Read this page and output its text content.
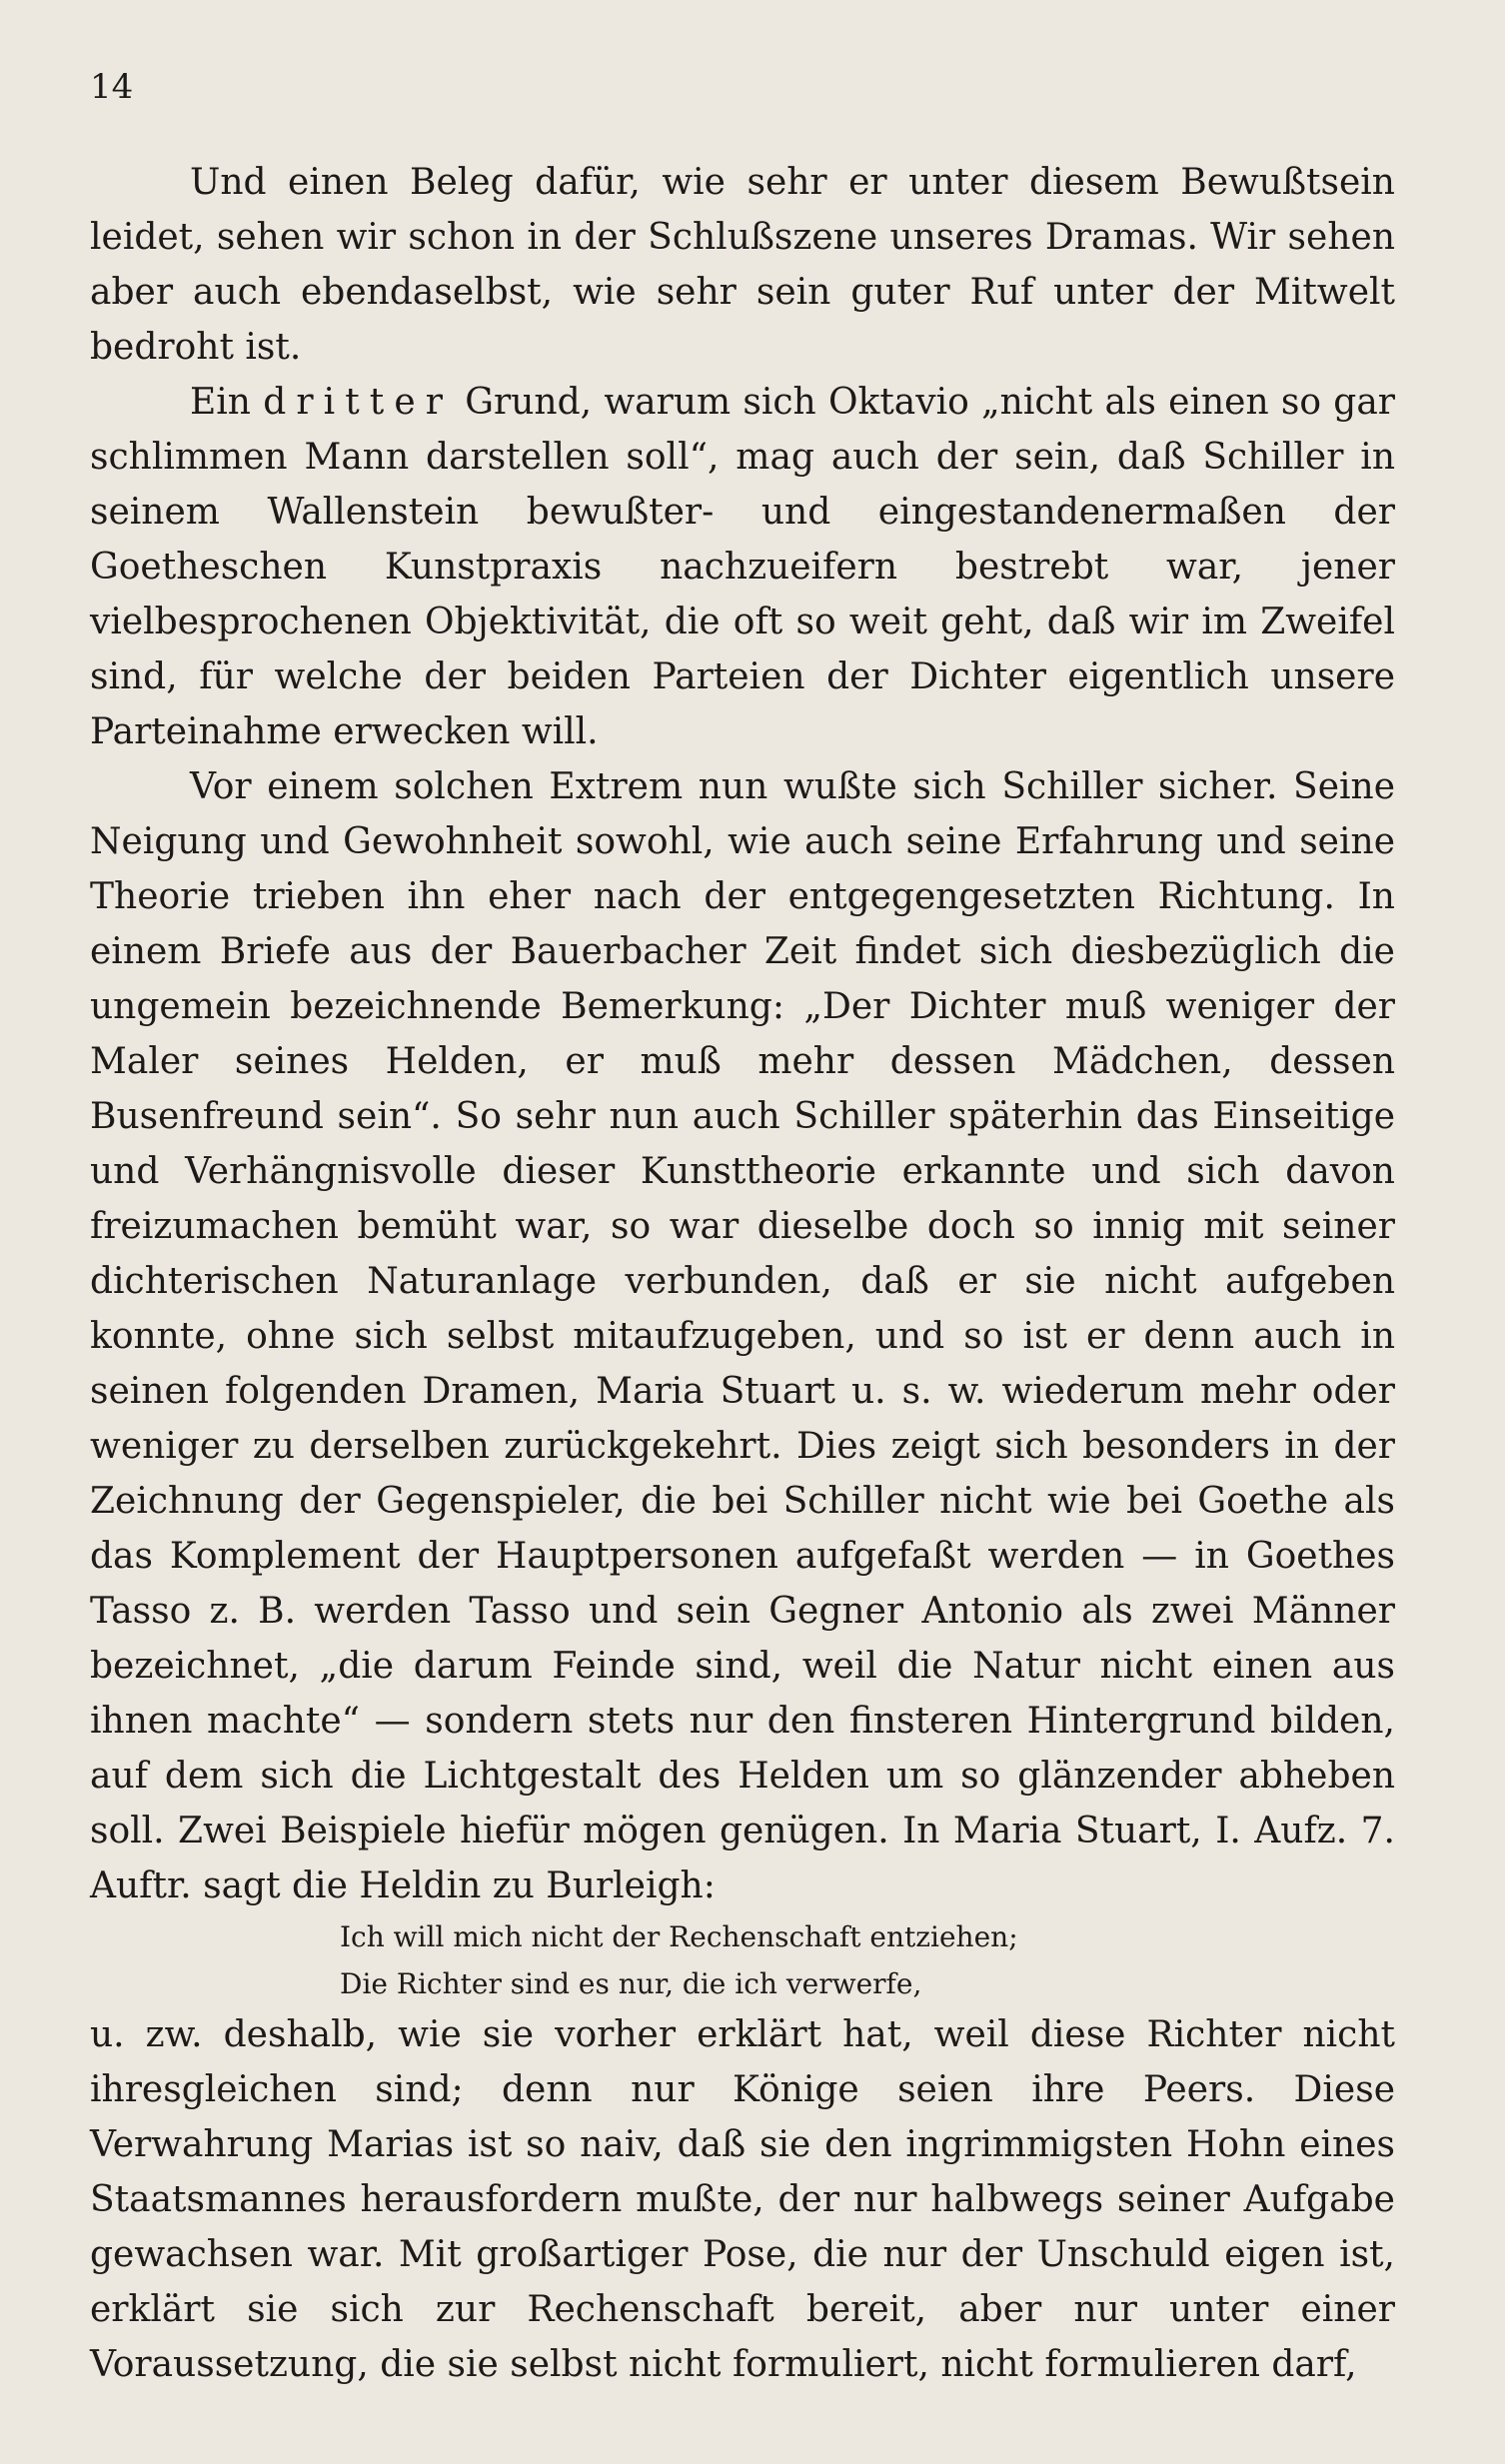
14

Und einen Beleg dafür, wie sehr er unter diesem Bewußtsein leidet, sehen wir schon in der Schlußszene unseres Dramas. Wir sehen aber auch ebendaselbst, wie sehr sein guter Ruf unter der Mitwelt bedroht ist.

Ein dritter Grund, warum sich Oktavio „nicht als einen so gar schlimmen Mann darstellen soll“, mag auch der sein, daß Schiller in seinem Wallenstein bewußter- und eingestandenermaßen der Goetheschen Kunstpraxis nachzueifern bestrebt war, jener vielbesprochenen Objektivität, die oft so weit geht, daß wir im Zweifel sind, für welche der beiden Parteien der Dichter eigentlich unsere Parteinahme erwecken will.

Vor einem solchen Extrem nun wußte sich Schiller sicher. Seine Neigung und Gewohnheit sowohl, wie auch seine Erfahrung und seine Theorie trieben ihn eher nach der entgegengesetzten Richtung. In einem Briefe aus der Bauerbacher Zeit findet sich diesbezüglich die ungemein bezeichnende Bemerkung: „Der Dichter muß weniger der Maler seines Helden, er muß mehr dessen Mädchen, dessen Busenfreund sein“. So sehr nun auch Schiller späterhin das Einseitige und Verhängnisvolle dieser Kunsttheorie erkannte und sich davon freizumachen bemüht war, so war dieselbe doch so innig mit seiner dichterischen Naturanlage verbunden, daß er sie nicht aufgeben konnte, ohne sich selbst mitaufzugeben, und so ist er denn auch in seinen folgenden Dramen, Maria Stuart u. s. w. wiederum mehr oder weniger zu derselben zurückgekehrt. Dies zeigt sich besonders in der Zeichnung der Gegenspieler, die bei Schiller nicht wie bei Goethe als das Komplement der Hauptpersonen aufgefaßt werden — in Goethes Tasso z. B. werden Tasso und sein Gegner Antonio als zwei Männer bezeichnet, „die darum Feinde sind, weil die Natur nicht einen aus ihnen machte“ — sondern stets nur den finsteren Hintergrund bilden, auf dem sich die Lichtgestalt des Helden um so glänzender abheben soll. Zwei Beispiele hiefür mögen genügen. In Maria Stuart, I. Aufz. 7. Auftr. sagt die Heldin zu Burleigh:

Ich will mich nicht der Rechenschaft entziehen;
Die Richter sind es nur, die ich verwerfe,

u. zw. deshalb, wie sie vorher erklärt hat, weil diese Richter nicht ihresgleichen sind; denn nur Könige seien ihre Peers. Diese Verwahrung Marias ist so naiv, daß sie den ingrimmigsten Hohn eines Staatsmannes herausfordern mußte, der nur halbwegs seiner Aufgabe gewachsen war. Mit großartiger Pose, die nur der Unschuld eigen ist, erklärt sie sich zur Rechenschaft bereit, aber nur unter einer Voraussetzung, die sie selbst nicht formuliert, nicht formulieren darf,
